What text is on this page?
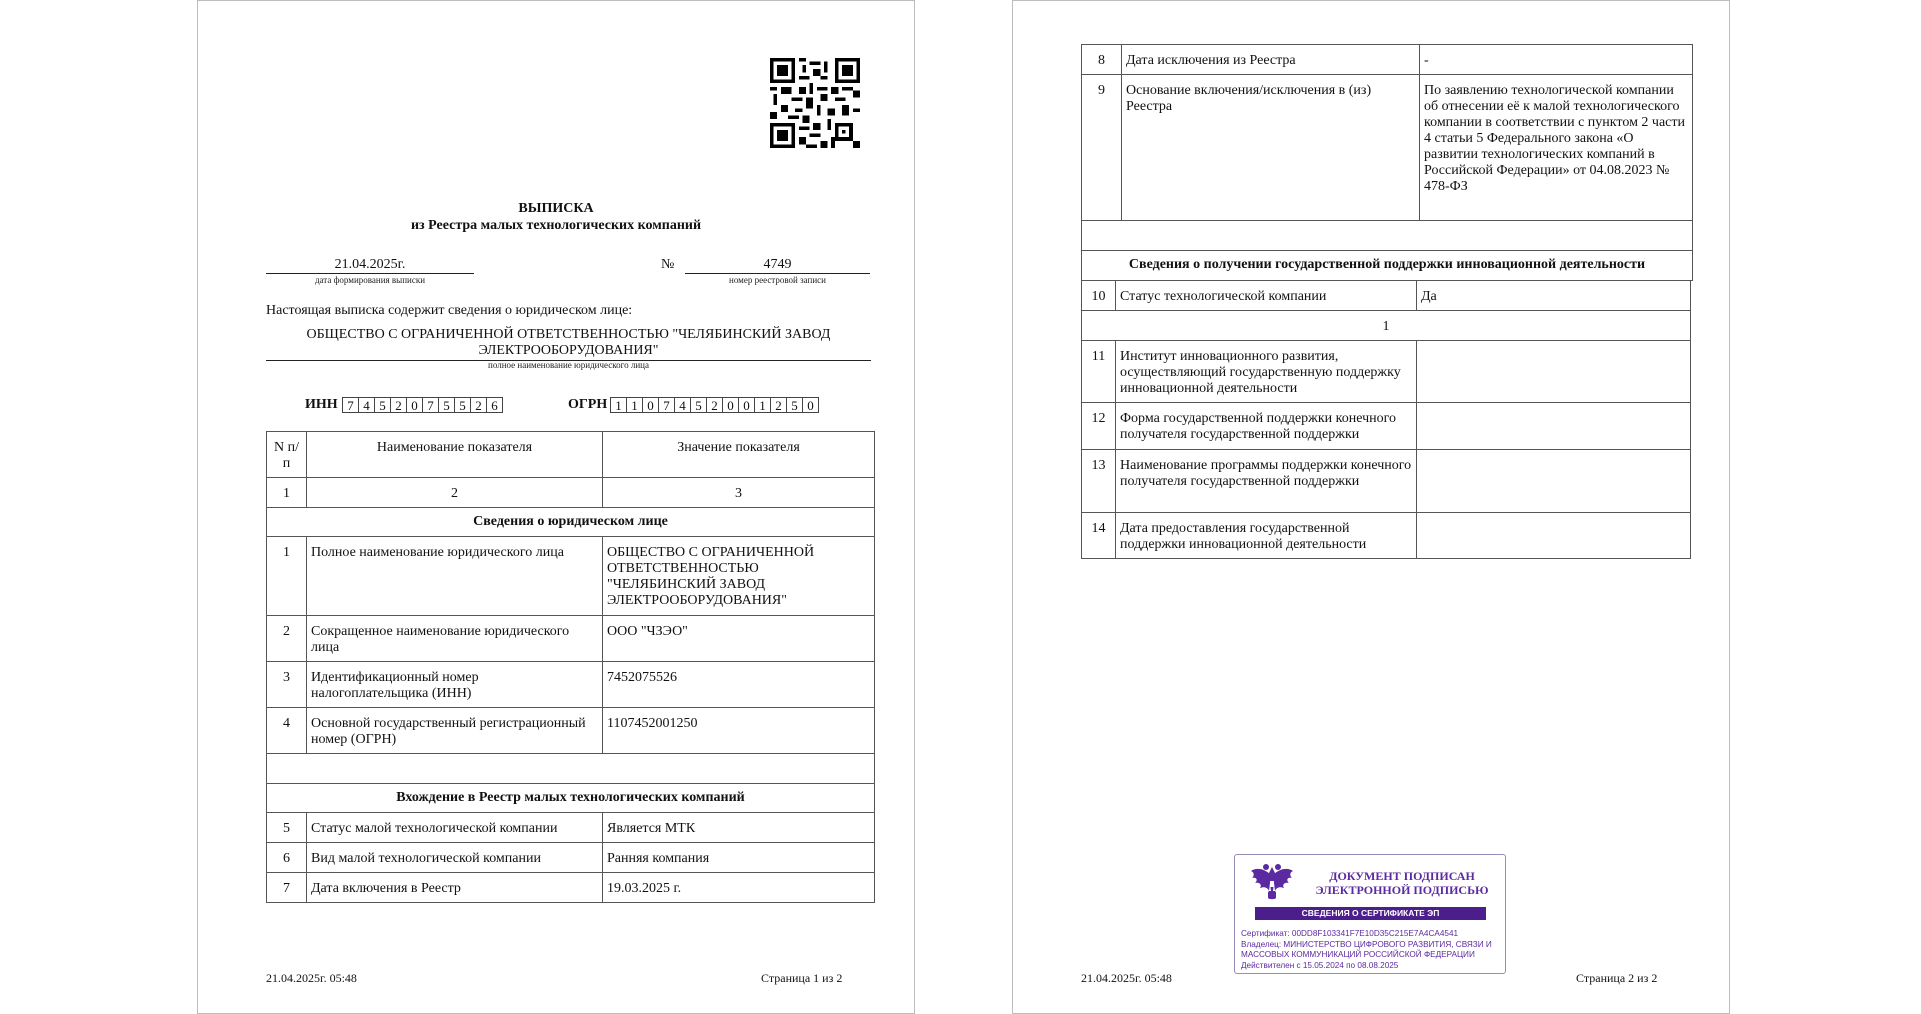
ВЫПИСКА
из Реестра малых технологических компаний
21.04.2025г.
дата формирования выписки
№	4749
номер реестровой записи
Настоящая выписка содержит сведения о юридическом лице:
ОБЩЕСТВО С ОГРАНИЧЕННОЙ ОТВЕТСТВЕННОСТЬЮ "ЧЕЛЯБИНСКИЙ ЗАВОД ЭЛЕКТРООБОРУДОВАНИЯ"
полное наименование юридического лица
ИНН 7 4 5 2 0 7 5 5 2 6	ОГРН 1 1 0 7 4 5 2 0 0 1 2 5 0
N п/п	Наименование показателя	Значение показателя
1	2	3
Сведения о юридическом лице		
1	Полное наименование юридического лица	ОБЩЕСТВО С ОГРАНИЧЕННОЙ ОТВЕТСТВЕННОСТЬЮ "ЧЕЛЯБИНСКИЙ ЗАВОД ЭЛЕКТРООБОРУДОВАНИЯ"
2	Сокращенное наименование юридического лица	ООО "ЧЗЭО"
3	Идентификационный номер налогоплательщика (ИНН)	7452075526
4	Основной государственный регистрационный номер (ОГРН)	1107452001250

Вхождение в Реестр малых технологических компаний		
5	Статус малой технологической компании	Является МТК
6	Вид малой технологической компании	Ранняя компания
7	Дата включения в Реестр	19.03.2025 г.
21.04.2025г. 05:48	Страница 1 из 2
8	Дата исключения из Реестра	-
9	Основание включения/исключения в (из) Реестра	По заявлению технологической компании об отнесении её к малой технологического компании в соответствии с пунктом 2 части 4 статьи 5 Федерального закона «О развитии технологических компаний в Российской Федерации» от 04.08.2023 № 478-ФЗ

Сведения о получении государственной поддержки инновационной деятельности		
10	Статус технологической компании	Да
1		
11	Институт инновационного развития, осуществляющий государственную поддержку инновационной деятельности	
12	Форма государственной поддержки конечного получателя государственной поддержки	
13	Наименование программы поддержки конечного получателя государственной поддержки	
14	Дата предоставления государственной поддержки инновационной деятельности	
ДОКУМЕНТ ПОДПИСАН ЭЛЕКТРОННОЙ ПОДПИСЬЮ
СВЕДЕНИЯ О СЕРТИФИКАТЕ ЭП
Сертификат: 00DD8F103341F7E10D35C215E7A4CA4541
Владелец: МИНИСТЕРСТВО ЦИФРОВОГО РАЗВИТИЯ, СВЯЗИ И МАССОВЫХ КОММУНИКАЦИЙ РОССИЙСКОЙ ФЕДЕРАЦИИ
Действителен с 15.05.2024 по 08.08.2025
21.04.2025г. 05:48	Страница 2 из 2
